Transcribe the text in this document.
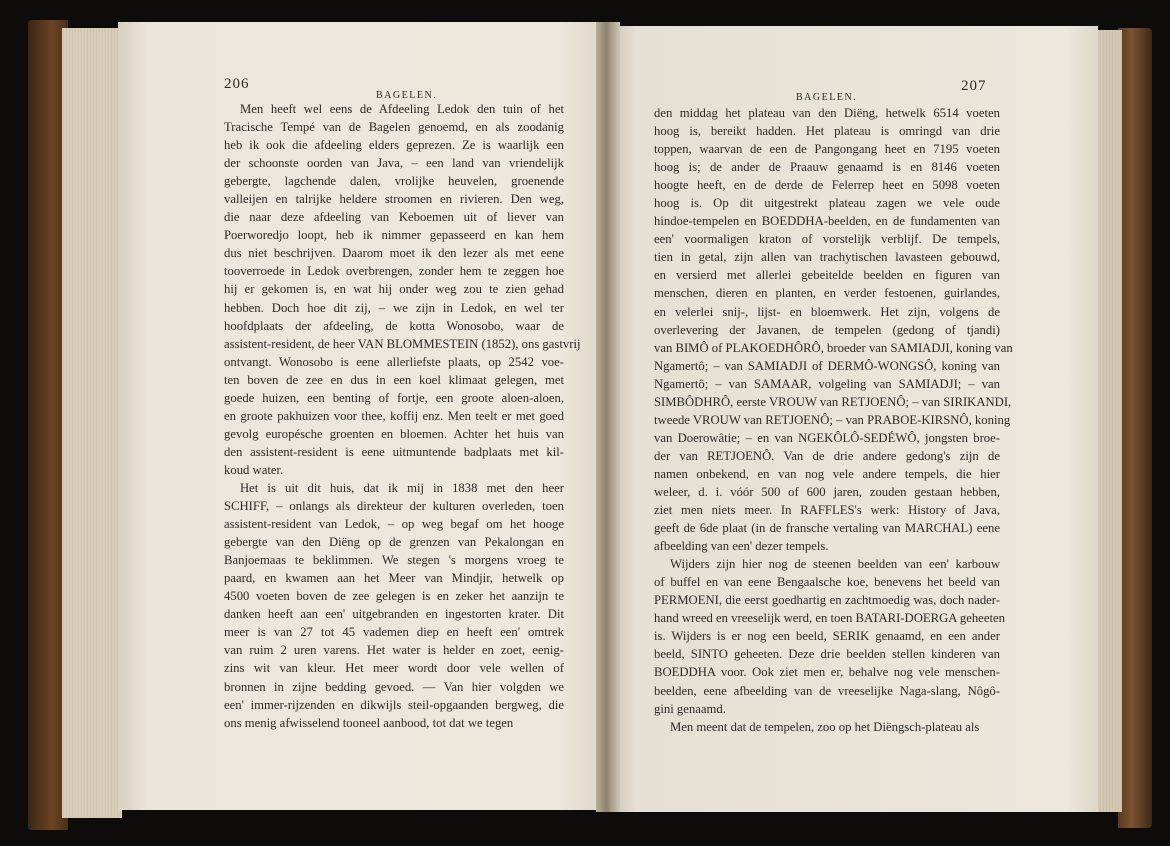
206
BAGELEN.
Men heeft wel eens de Afdeeling Ledok den tuin of het
Tracische Tempé van de Bagelen genoemd, en als zoodanig
heb ik ook die afdeeling elders geprezen. Ze is waarlijk een
der schoonste oorden van Java, – een land van vriendelijk
gebergte, lagchende dalen, vrolijke heuvelen, groenende
valleijen en talrijke heldere stroomen en rivieren. Den weg,
die naar deze afdeeling van Keboemen uit of liever van
Poerworedjo loopt, heb ik nimmer gepasseerd en kan hem
dus niet beschrijven. Daarom moet ik den lezer als met eene
tooverroede in Ledok overbrengen, zonder hem te zeggen hoe
hij er gekomen is, en wat hij onder weg zou te zien gehad
hebben. Doch hoe dit zij, – we zijn in Ledok, en wel ter
hoofdplaats der afdeeling, de kotta Wonosobo, waar de
assistent-resident, de heer VAN BLOMMESTEIN (1852), ons gastvrij
ontvangt. Wonosobo is eene allerliefste plaats, op 2542 voe-
ten boven de zee en dus in een koel klimaat gelegen, met
goede huizen, een benting of fortje, een groote aloen-aloen,
en groote pakhuizen voor thee, koffij enz. Men teelt er met goed
gevolg europésche groenten en bloemen. Achter het huis van
den assistent-resident is eene uitmuntende badplaats met kil-
koud water.
Het is uit dit huis, dat ik mij in 1838 met den heer
SCHIFF, – onlangs als direkteur der kulturen overleden, toen
assistent-resident van Ledok, – op weg begaf om het hooge
gebergte van den Diëng op de grenzen van Pekalongan en
Banjoemaas te beklimmen. We stegen 's morgens vroeg te
paard, en kwamen aan het Meer van Mindjir, hetwelk op
4500 voeten boven de zee gelegen is en zeker het aanzijn te
danken heeft aan een' uitgebranden en ingestorten krater. Dit
meer is van 27 tot 45 vademen diep en heeft een' omtrek
van ruim 2 uren varens. Het water is helder en zoet, eenig-
zins wit van kleur. Het meer wordt door vele wellen of
bronnen in zijne bedding gevoed. — Van hier volgden we
een' immer-rijzenden en dikwijls steil-opgaanden bergweg, die
ons menig afwisselend tooneel aanbood, tot dat we tegen
BAGELEN.
207
den middag het plateau van den Diëng, hetwelk 6514 voeten
hoog is, bereikt hadden. Het plateau is omringd van drie
toppen, waarvan de een de Pangongang heet en 7195 voeten
hoog is; de ander de Praauw genaamd is en 8146 voeten
hoogte heeft, en de derde de Felerrep heet en 5098 voeten
hoog is. Op dit uitgestrekt plateau zagen we vele oude
hindoe-tempelen en BOEDDHA-beelden, en de fundamenten van
een' voormaligen kraton of vorstelijk verblijf. De tempels,
tien in getal, zijn allen van trachytischen lavasteen gebouwd,
en versierd met allerlei gebeitelde beelden en figuren van
menschen, dieren en planten, en verder festoenen, guirlandes,
en velerlei snij-, lijst- en bloemwerk. Het zijn, volgens de
overlevering der Javanen, de tempelen (gedong of tjandi)
van BIMÔ of PLAKOEDHÔRÔ, broeder van SAMIADJI, koning van
Ngamertô; – van SAMIADJI of DERMÔ-WONGSÔ, koning van
Ngamertô; – van SAMAAR, volgeling van SAMIADJI; – van
SIMBÔDHRÔ, eerste VROUW van RETJOENÔ; – van SIRIKANDI,
tweede VROUW van RETJOENÔ; – van PRABOE-KIRSNÔ, koning
van Doerowâtie; – en van NGEKÔLÔ-SEDÉWÔ, jongsten broe-
der van RETJOENÔ. Van de drie andere gedong's zijn de
namen onbekend, en van nog vele andere tempels, die hier
weleer, d. i. vóór 500 of 600 jaren, zouden gestaan hebben,
ziet men niets meer. In RAFFLES's werk: History of Java,
geeft de 6de plaat (in de fransche vertaling van MARCHAL) eene
afbeelding van een' dezer tempels.
Wijders zijn hier nog de steenen beelden van een' karbouw
of buffel en van eene Bengaalsche koe, benevens het beeld van
PERMOENI, die eerst goedhartig en zachtmoedig was, doch nader-
hand wreed en vreeselijk werd, en toen BATARI-DOERGA geheeten
is. Wijders is er nog een beeld, SERIK genaamd, en een ander
beeld, SINTO geheeten. Deze drie beelden stellen kinderen van
BOEDDHA voor. Ook ziet men er, behalve nog vele menschen-
beelden, eene afbeelding van de vreeselijke Naga-slang, Nôgô-
gini genaamd.
Men meent dat de tempelen, zoo op het Diëngsch-plateau als
